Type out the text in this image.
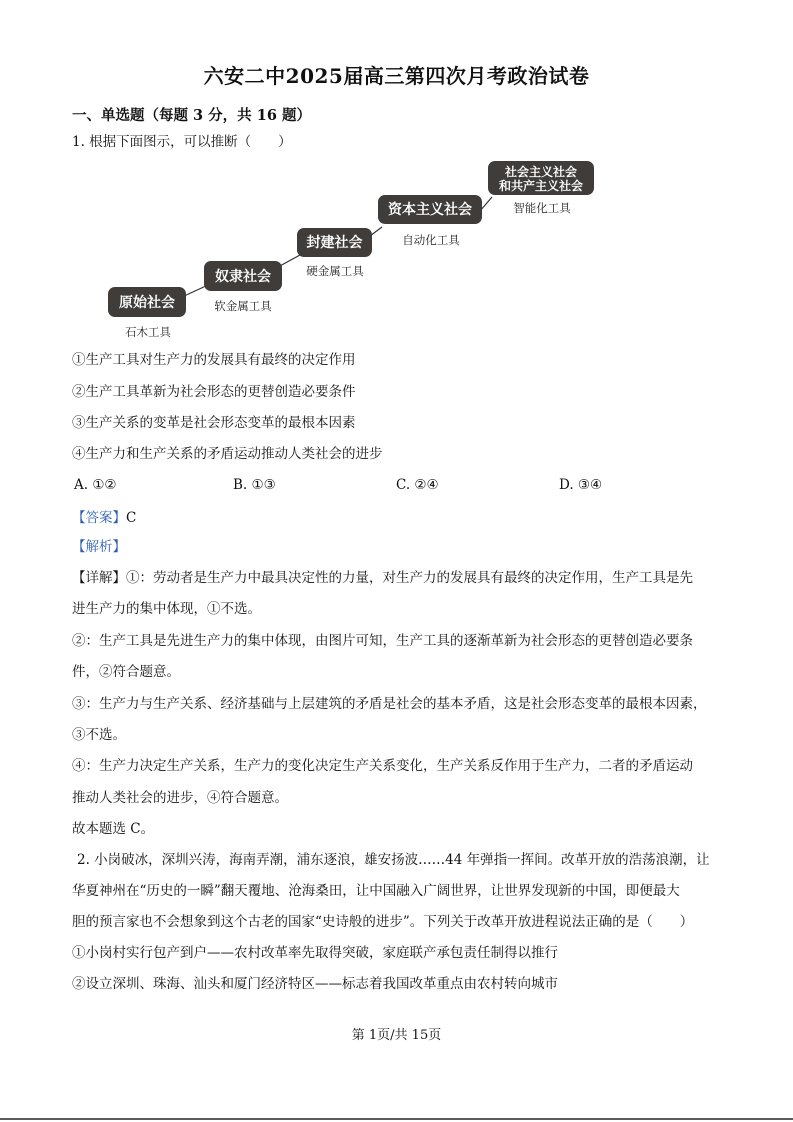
六安二中2025届高三第四次月考政治试卷
一、单选题（每题 3 分，共 16 题）
1. 根据下面图示，可以推断（　　）
原始社会
奴隶社会
封建社会
资本主义社会
社会主义社会
和共产主义社会
石木工具
软金属工具
硬金属工具
自动化工具
智能化工具
①生产工具对生产力的发展具有最终的决定作用
②生产工具革新为社会形态的更替创造必要条件
③生产关系的变革是社会形态变革的最根本因素
④生产力和生产关系的矛盾运动推动人类社会的进步
A. ①②	B. ①③	C. ②④	D. ③④
【答案】C
【解析】
【详解】①：劳动者是生产力中最具决定性的力量，对生产力的发展具有最终的决定作用，生产工具是先
进生产力的集中体现，①不选。
②：生产工具是先进生产力的集中体现，由图片可知，生产工具的逐渐革新为社会形态的更替创造必要条
件，②符合题意。
③：生产力与生产关系、经济基础与上层建筑的矛盾是社会的基本矛盾，这是社会形态变革的最根本因素，
③不选。
④：生产力决定生产关系，生产力的变化决定生产关系变化，生产关系反作用于生产力，二者的矛盾运动
推动人类社会的进步，④符合题意。
故本题选 C。
2. 小岗破冰，深圳兴涛，海南弄潮，浦东逐浪，雄安扬波……44 年弹指一挥间。改革开放的浩荡浪潮，让
华夏神州在“历史的一瞬”翻天覆地、沧海桑田，让中国融入广阔世界，让世界发现新的中国，即便最大
胆的预言家也不会想象到这个古老的国家“史诗般的进步”。下列关于改革开放进程说法正确的是（　　）
①小岗村实行包产到户——农村改革率先取得突破，家庭联产承包责任制得以推行
②设立深圳、珠海、汕头和厦门经济特区——标志着我国改革重点由农村转向城市
第 1页/共 15页
